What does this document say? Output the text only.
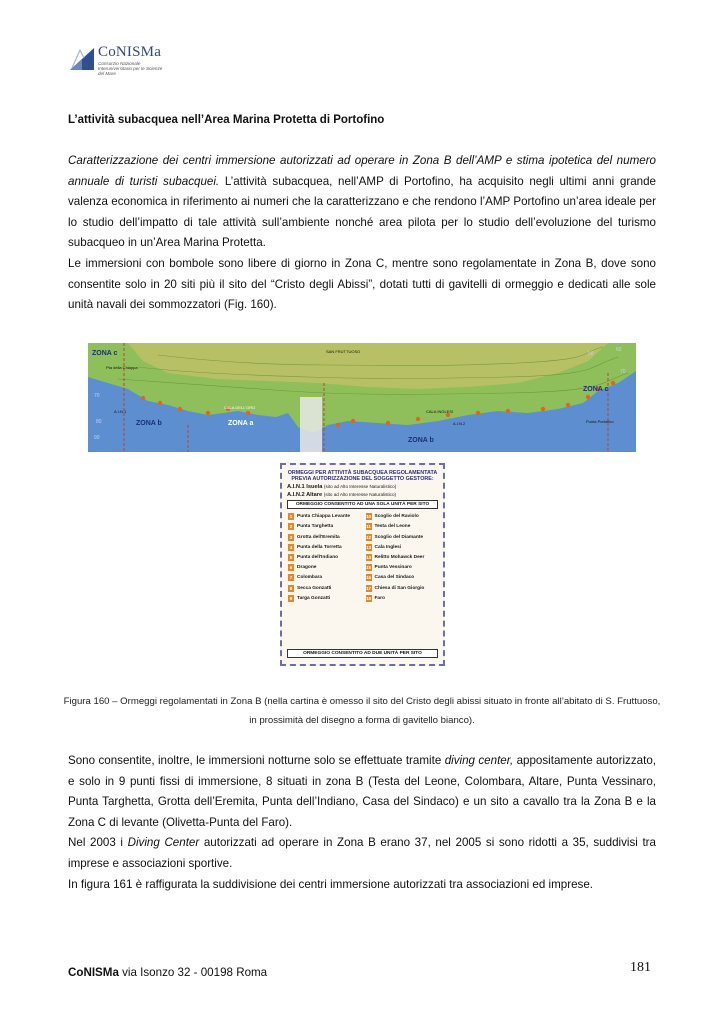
CoNISMa
Consorzio Nazionale Interuniversitario per le Scienze del Mare
L’attività subacquea nell’Area Marina Protetta di Portofino

Caratterizzazione dei centri immersione autorizzati ad operare in Zona B dell’AMP e stima ipotetica del numero annuale di turisti subacquei. L’attività subacquea, nell’AMP di Portofino, ha acquisito negli ultimi anni grande valenza economica in riferimento ai numeri che la caratterizzano e che rendono l’AMP Portofino un’area ideale per lo studio dell’impatto di tale attività sull’ambiente nonché area pilota per lo studio dell’evoluzione del turismo subacqueo in un’Area Marina Protetta.

Le immersioni con bombole sono libere di giorno in Zona C, mentre sono regolamentate in Zona B, dove sono consentite solo in 20 siti più il sito del “Cristo degli Abissi”, dotati tutti di gavitelli di ormeggio e dedicati alle sole unità navali dei sommozzatori (Fig. 160).

ZONA c
ZONA b	ZONA a
ZONA b
ZONA c
CALA DELL'ORO
SAN FRUTTUOSO
CALA INGLESI
Pta della Chiappa
Punta Portofino
A.I.N.1
A.I.N.2
70
80
90
60
58
70
ORMEGGI PER ATTIVITÀ SUBACQUEA REGOLAMENTATA PREVIA AUTORIZZAZIONE DEL SOGGETTO GESTORE:
A.I.N.1 Isuela (sito ad Alto Interesse Naturalistico)
A.I.N.2 Altare (sito ad Alto Interesse Naturalistico)
ORMEGGIO CONSENTITO AD UNA SOLA UNITÀ PER SITO
1 Punta Chiappa Levante
2 Punta Targhetta
3 Grotta dell'Eremita
4 Punta della Torretta
5 Punta dell'Indiano
6 Dragone
7 Colombara
8 Secca Gonzatti
9 Targa Gonzatti
10 Scoglio del Raviolo
11 Testa del Leone
12 Scoglio del Diamante
13 Cala Inglesi
14 Relitto Mohawck Deer
15 Punta Vessinaro
16 Casa del Sindaco
17 Chiesa di San Giorgio
18 Faro
ORMEGGIO CONSENTITO AD DUE UNITÀ PER SITO
Figura 160 – Ormeggi regolamentati in Zona B (nella cartina è omesso il sito del Cristo degli abissi situato in fronte all’abitato di S. Fruttuoso, in prossimità del disegno a forma di gavitello bianco).

Sono consentite, inoltre, le immersioni notturne solo se effettuate tramite diving center, appositamente autorizzato, e solo in 9 punti fissi di immersione, 8 situati in zona B (Testa del Leone, Colombara, Altare, Punta Vessinaro, Punta Targhetta, Grotta dell’Eremita, Punta dell’Indiano, Casa del Sindaco) e un sito a cavallo tra la Zona B e la Zona C di levante (Olivetta-Punta del Faro).

Nel 2003 i Diving Center autorizzati ad operare in Zona B erano 37, nel 2005 si sono ridotti a 35, suddivisi tra imprese e associazioni sportive.

In figura 161 è raffigurata la suddivisione dei centri immersione autorizzati tra associazioni ed imprese.

CoNISMa via Isonzo 32 - 00198 Roma	181
